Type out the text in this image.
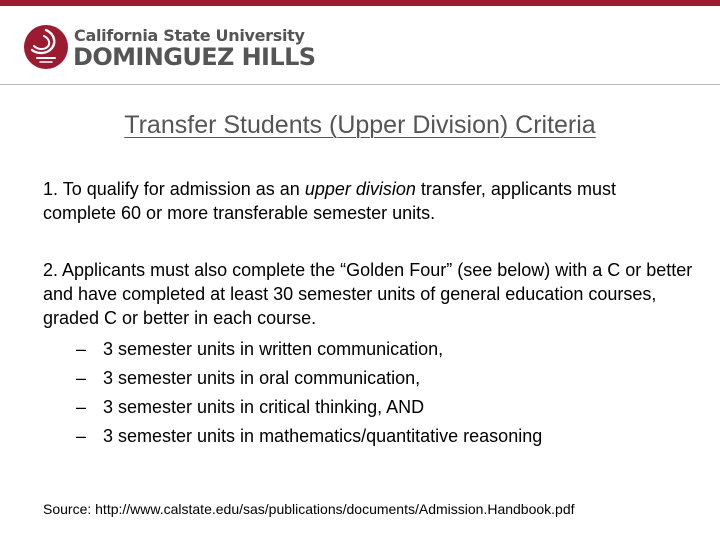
California State University
DOMINGUEZ HILLS
Transfer Students (Upper Division) Criteria
1. To qualify for admission as an upper division transfer, applicants must complete 60 or more transferable semester units.
2. Applicants must also complete the “Golden Four” (see below) with a C or better and have completed at least 30 semester units of general education courses, graded C or better in each course.
– 3 semester units in written communication,
– 3 semester units in oral communication,
– 3 semester units in critical thinking, AND
– 3 semester units in mathematics/quantitative reasoning
Source: http://www.calstate.edu/sas/publications/documents/Admission.Handbook.pdf
